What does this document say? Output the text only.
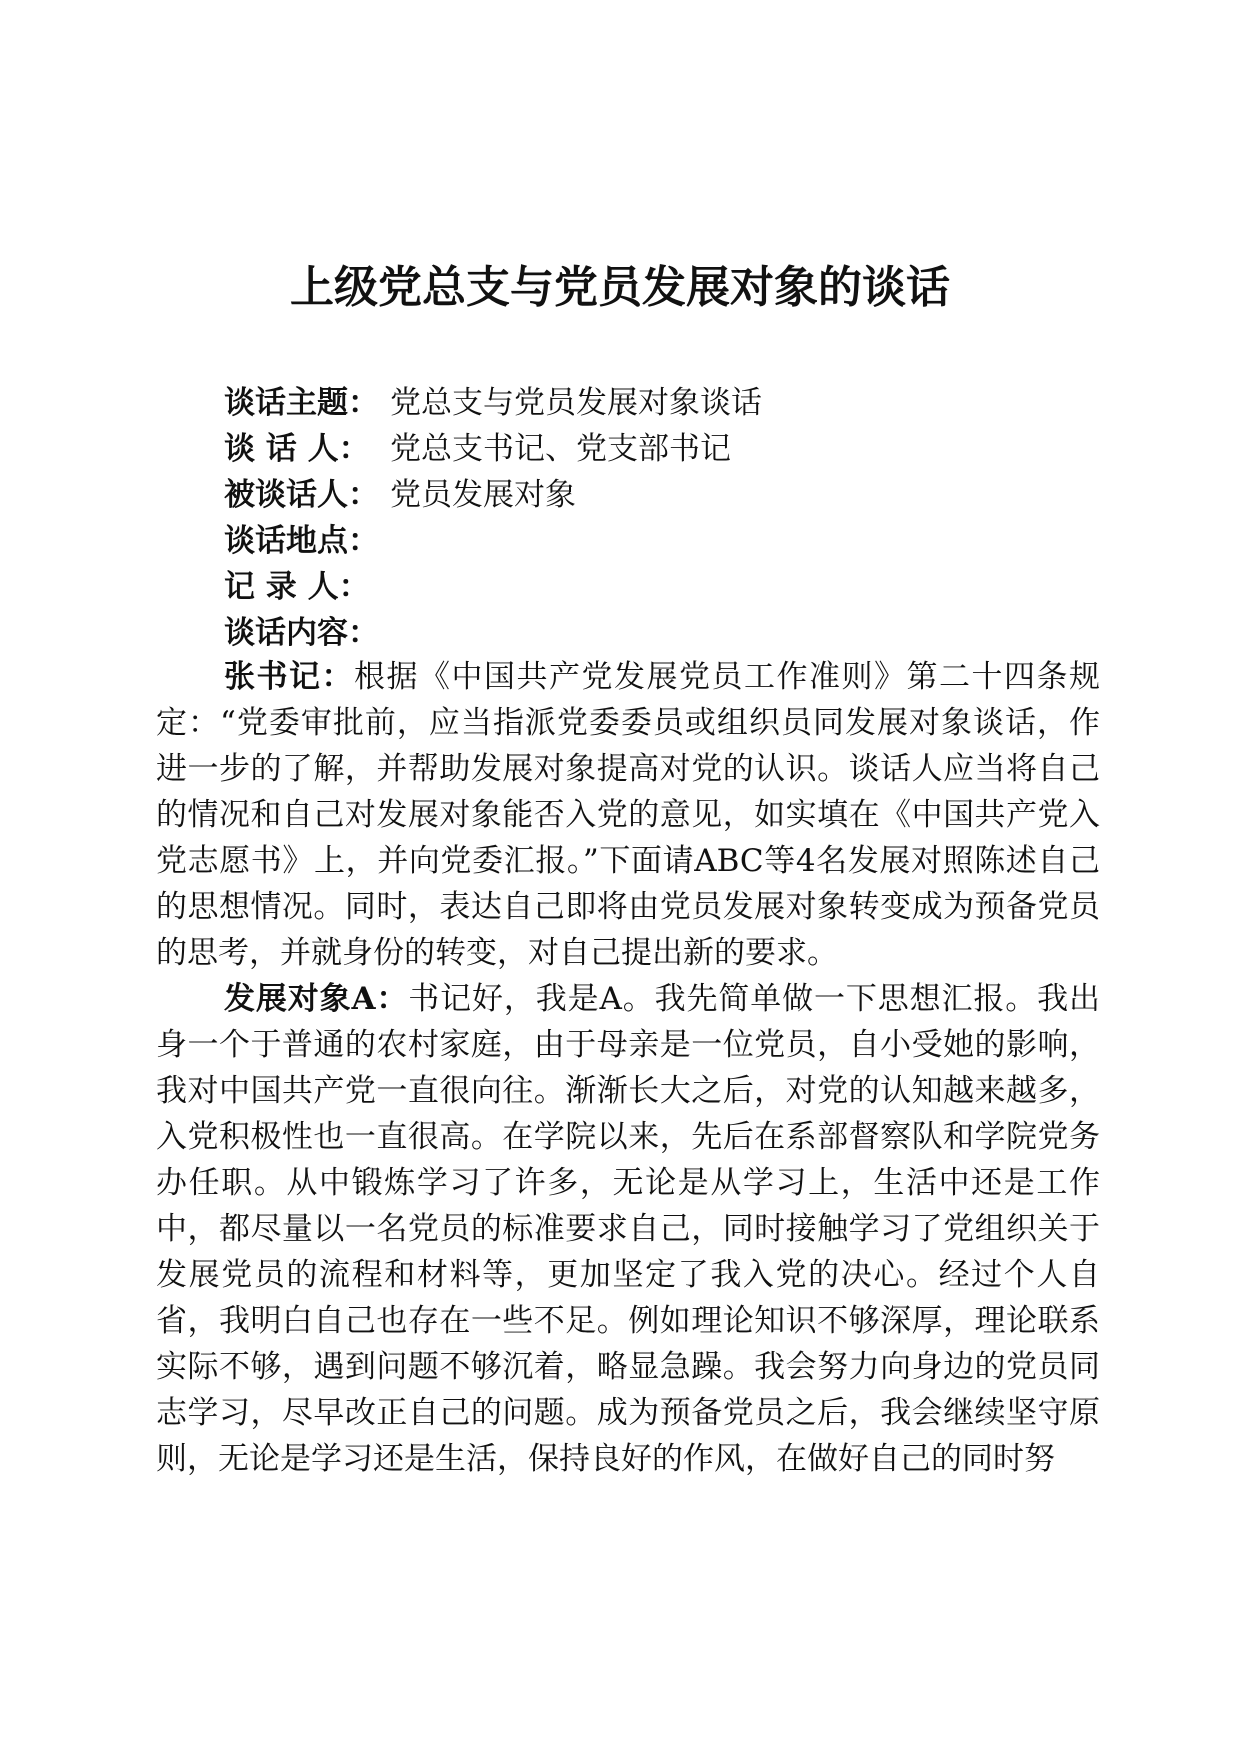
上级党总支与党员发展对象的谈话
谈话主题： 党总支与党员发展对象谈话
谈 话 人： 党总支书记、党支部书记
被谈话人： 党员发展对象
谈话地点：
记 录 人：
谈话内容：

张书记：根据《中国共产党发展党员工作准则》第二十四条规定：“党委审批前，应当指派党委委员或组织员同发展对象谈话，作进一步的了解，并帮助发展对象提高对党的认识。谈话人应当将自己的情况和自己对发展对象能否入党的意见，如实填在《中国共产党入党志愿书》上，并向党委汇报。”下面请ABC等4名发展对照陈述自己的思想情况。同时，表达自己即将由党员发展对象转变成为预备党员的思考，并就身份的转变，对自己提出新的要求。

发展对象A：书记好，我是A。我先简单做一下思想汇报。我出身一个于普通的农村家庭，由于母亲是一位党员，自小受她的影响，我对中国共产党一直很向往。渐渐长大之后，对党的认知越来越多，入党积极性也一直很高。在学院以来，先后在系部督察队和学院党务办任职。从中锻炼学习了许多，无论是从学习上，生活中还是工作中，都尽量以一名党员的标准要求自己，同时接触学习了党组织关于发展党员的流程和材料等，更加坚定了我入党的决心。经过个人自省，我明白自己也存在一些不足。例如理论知识不够深厚，理论联系实际不够，遇到问题不够沉着，略显急躁。我会努力向身边的党员同志学习，尽早改正自己的问题。成为预备党员之后，我会继续坚守原则，无论是学习还是生活，保持良好的作风，在做好自己的同时努
